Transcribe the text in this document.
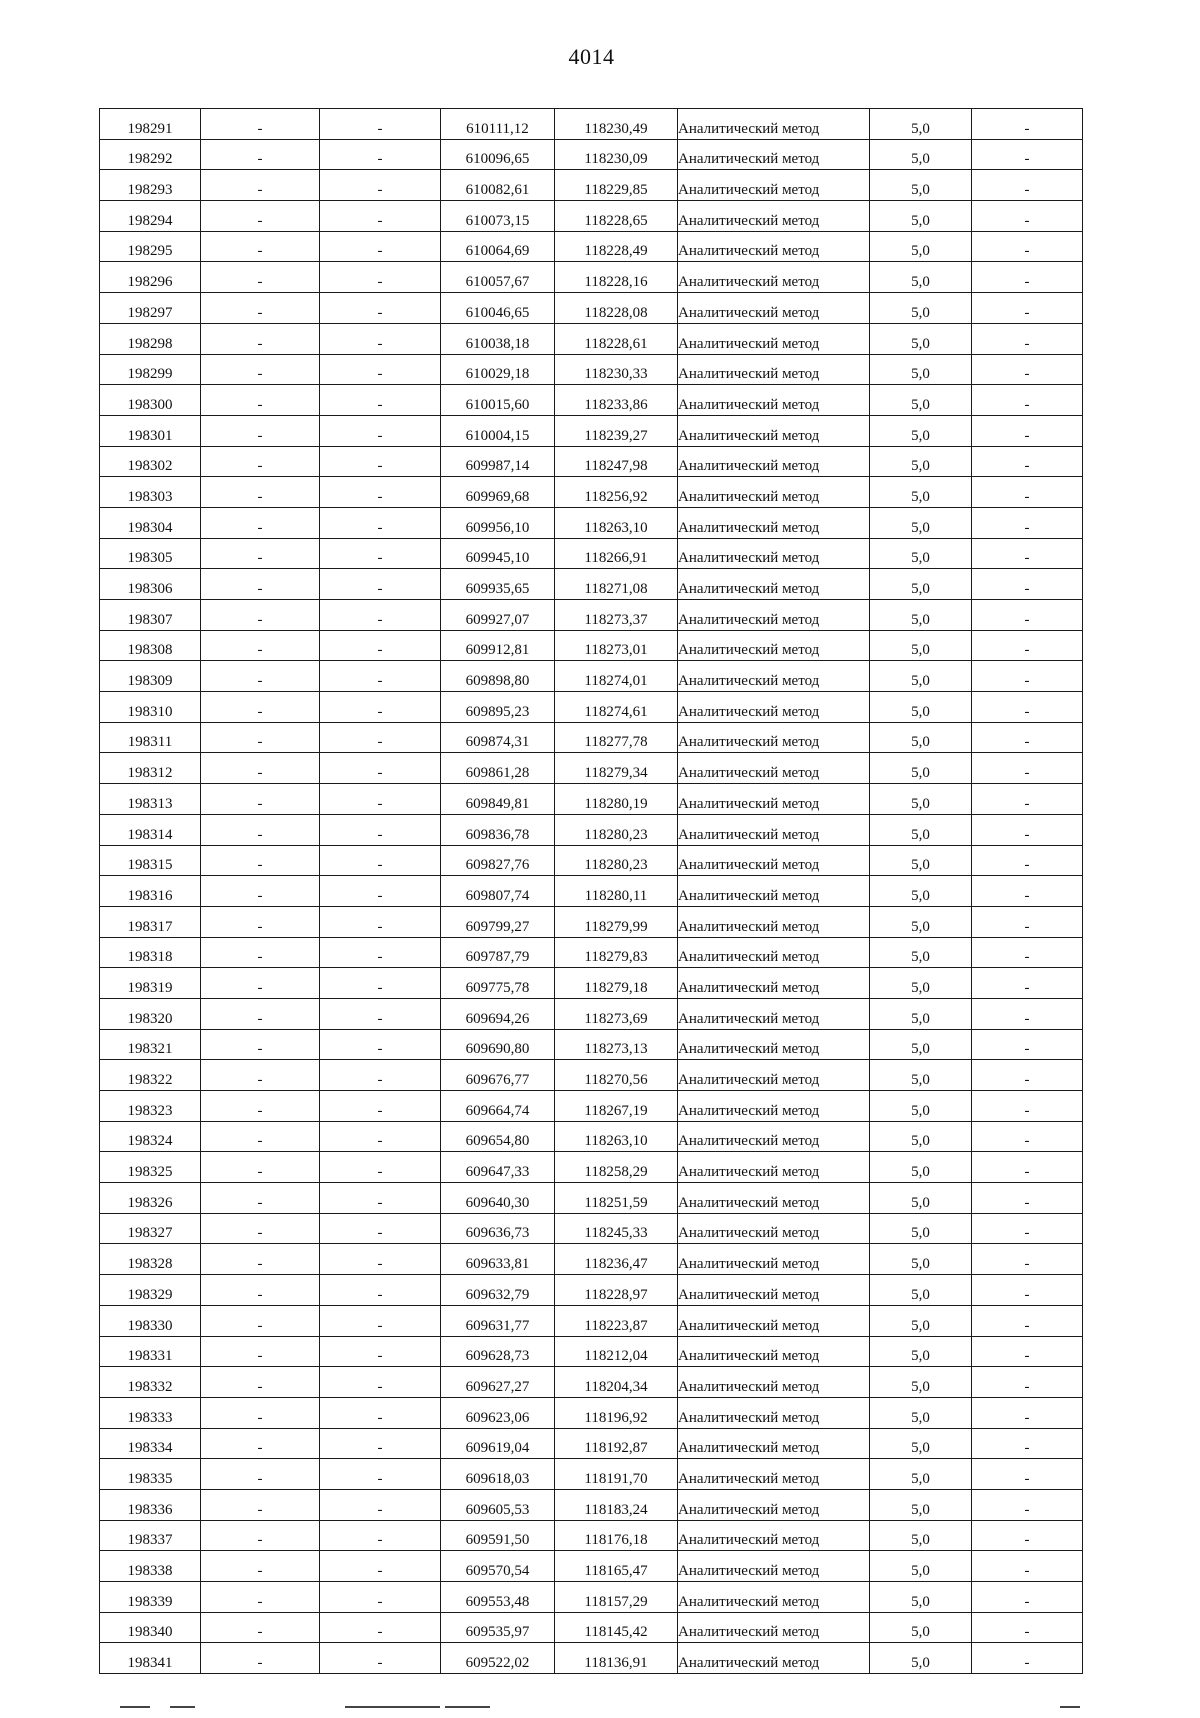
4014
198291	-	-	610111,12	118230,49	Аналитический метод	5,0	-
198292	-	-	610096,65	118230,09	Аналитический метод	5,0	-
198293	-	-	610082,61	118229,85	Аналитический метод	5,0	-
198294	-	-	610073,15	118228,65	Аналитический метод	5,0	-
198295	-	-	610064,69	118228,49	Аналитический метод	5,0	-
198296	-	-	610057,67	118228,16	Аналитический метод	5,0	-
198297	-	-	610046,65	118228,08	Аналитический метод	5,0	-
198298	-	-	610038,18	118228,61	Аналитический метод	5,0	-
198299	-	-	610029,18	118230,33	Аналитический метод	5,0	-
198300	-	-	610015,60	118233,86	Аналитический метод	5,0	-
198301	-	-	610004,15	118239,27	Аналитический метод	5,0	-
198302	-	-	609987,14	118247,98	Аналитический метод	5,0	-
198303	-	-	609969,68	118256,92	Аналитический метод	5,0	-
198304	-	-	609956,10	118263,10	Аналитический метод	5,0	-
198305	-	-	609945,10	118266,91	Аналитический метод	5,0	-
198306	-	-	609935,65	118271,08	Аналитический метод	5,0	-
198307	-	-	609927,07	118273,37	Аналитический метод	5,0	-
198308	-	-	609912,81	118273,01	Аналитический метод	5,0	-
198309	-	-	609898,80	118274,01	Аналитический метод	5,0	-
198310	-	-	609895,23	118274,61	Аналитический метод	5,0	-
198311	-	-	609874,31	118277,78	Аналитический метод	5,0	-
198312	-	-	609861,28	118279,34	Аналитический метод	5,0	-
198313	-	-	609849,81	118280,19	Аналитический метод	5,0	-
198314	-	-	609836,78	118280,23	Аналитический метод	5,0	-
198315	-	-	609827,76	118280,23	Аналитический метод	5,0	-
198316	-	-	609807,74	118280,11	Аналитический метод	5,0	-
198317	-	-	609799,27	118279,99	Аналитический метод	5,0	-
198318	-	-	609787,79	118279,83	Аналитический метод	5,0	-
198319	-	-	609775,78	118279,18	Аналитический метод	5,0	-
198320	-	-	609694,26	118273,69	Аналитический метод	5,0	-
198321	-	-	609690,80	118273,13	Аналитический метод	5,0	-
198322	-	-	609676,77	118270,56	Аналитический метод	5,0	-
198323	-	-	609664,74	118267,19	Аналитический метод	5,0	-
198324	-	-	609654,80	118263,10	Аналитический метод	5,0	-
198325	-	-	609647,33	118258,29	Аналитический метод	5,0	-
198326	-	-	609640,30	118251,59	Аналитический метод	5,0	-
198327	-	-	609636,73	118245,33	Аналитический метод	5,0	-
198328	-	-	609633,81	118236,47	Аналитический метод	5,0	-
198329	-	-	609632,79	118228,97	Аналитический метод	5,0	-
198330	-	-	609631,77	118223,87	Аналитический метод	5,0	-
198331	-	-	609628,73	118212,04	Аналитический метод	5,0	-
198332	-	-	609627,27	118204,34	Аналитический метод	5,0	-
198333	-	-	609623,06	118196,92	Аналитический метод	5,0	-
198334	-	-	609619,04	118192,87	Аналитический метод	5,0	-
198335	-	-	609618,03	118191,70	Аналитический метод	5,0	-
198336	-	-	609605,53	118183,24	Аналитический метод	5,0	-
198337	-	-	609591,50	118176,18	Аналитический метод	5,0	-
198338	-	-	609570,54	118165,47	Аналитический метод	5,0	-
198339	-	-	609553,48	118157,29	Аналитический метод	5,0	-
198340	-	-	609535,97	118145,42	Аналитический метод	5,0	-
198341	-	-	609522,02	118136,91	Аналитический метод	5,0	-
